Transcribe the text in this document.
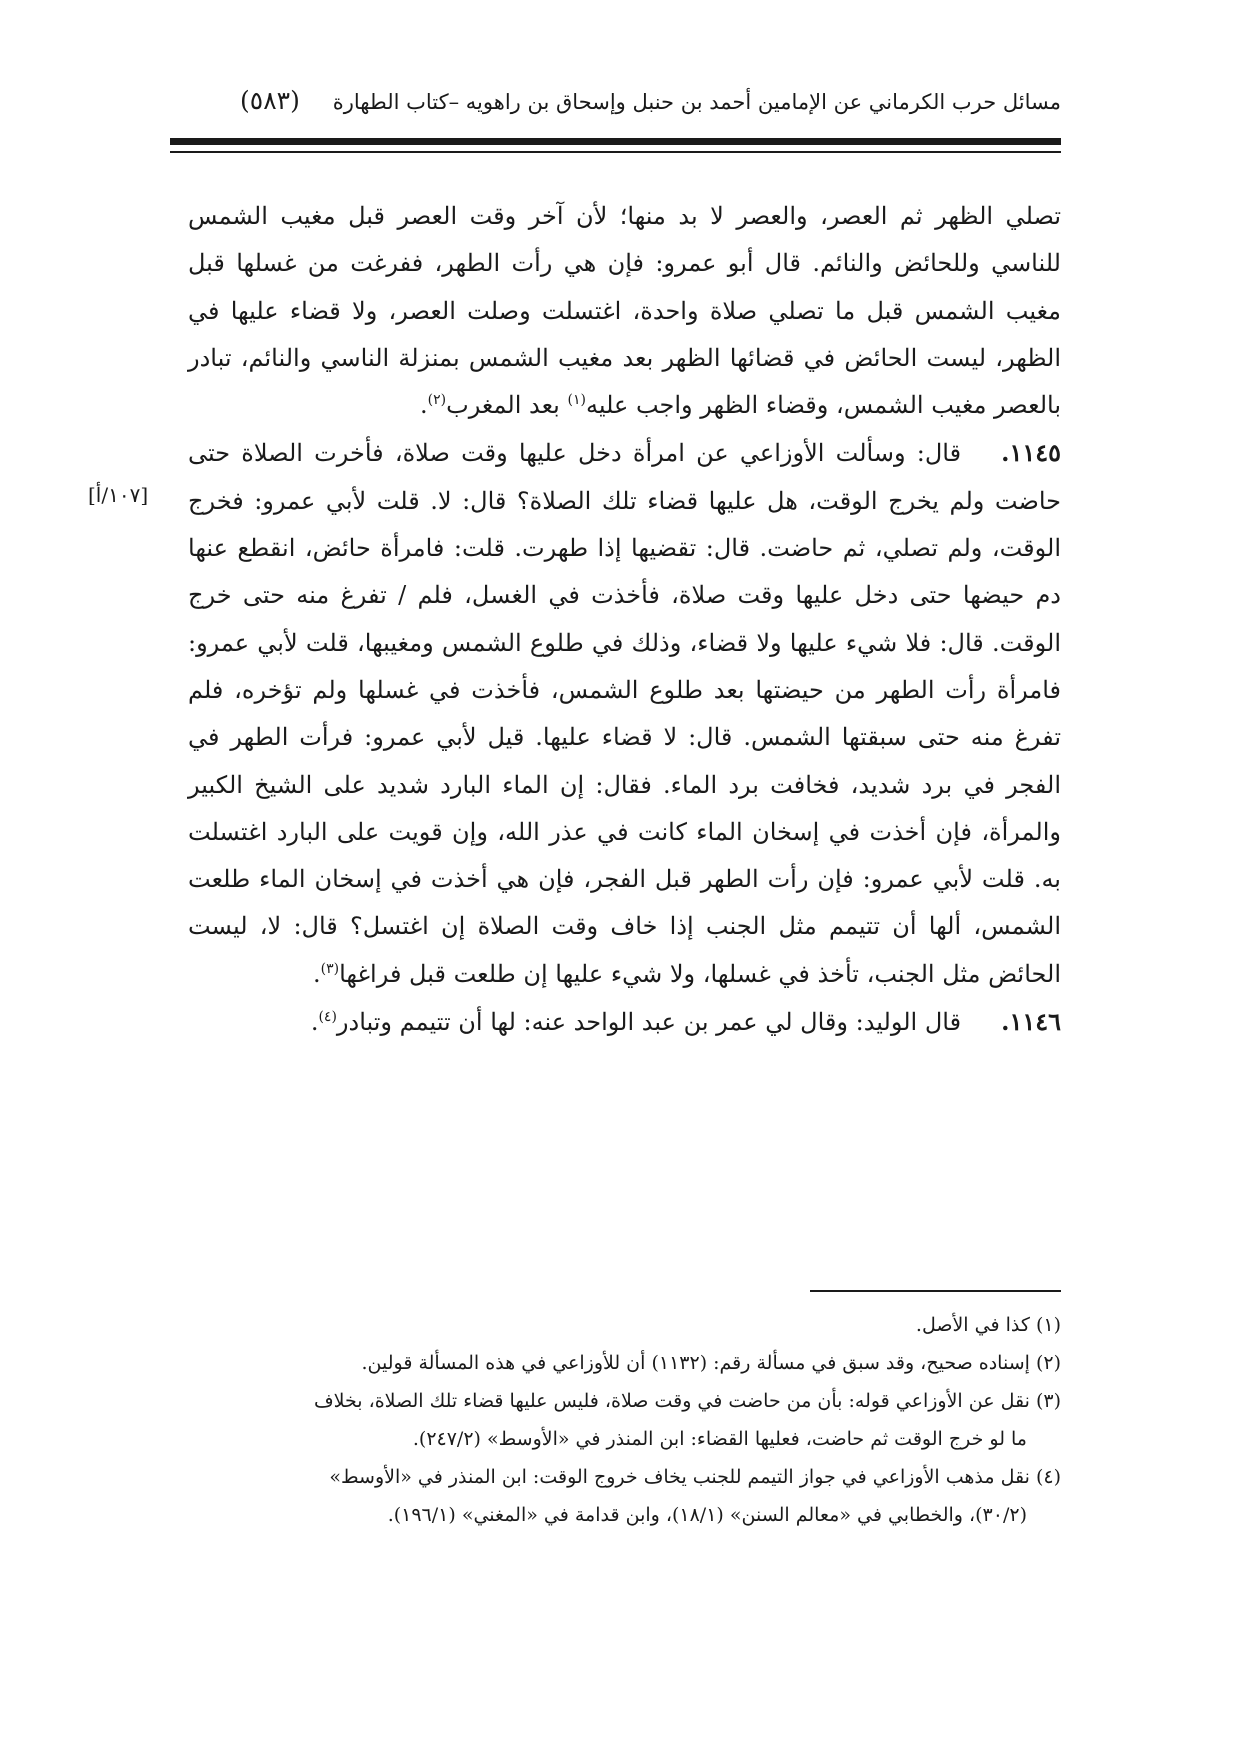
مسائل حرب الكرماني عن الإمامين أحمد بن حنبل وإسحاق بن راهويه –كتاب الطهارة
(٥٨٣)
[١٠٧/أ]

تصلي الظهر ثم العصر، والعصر لا بد منها؛ لأن آخر وقت العصر قبل مغيب الشمس للناسي وللحائض والنائم. قال أبو عمرو: فإن هي رأت الطهر، ففرغت من غسلها قبل مغيب الشمس قبل ما تصلي صلاة واحدة، اغتسلت وصلت العصر، ولا قضاء عليها في الظهر، ليست الحائض في قضائها الظهر بعد مغيب الشمس بمنزلة الناسي والنائم، تبادر بالعصر مغيب الشمس، وقضاء الظهر واجب عليه$^{(١)}$ بعد المغرب$^{(٢)}$.

١١٤٥.قال: وسألت الأوزاعي عن امرأة دخل عليها وقت صلاة، فأخرت الصلاة حتى حاضت ولم يخرج الوقت، هل عليها قضاء تلك الصلاة؟ قال: لا. قلت لأبي عمرو: فخرج الوقت، ولم تصلي، ثم حاضت. قال: تقضيها إذا طهرت. قلت: فامرأة حائض، انقطع عنها دم حيضها حتى دخل عليها وقت صلاة، فأخذت في الغسل، فلم / تفرغ منه حتى خرج الوقت. قال: فلا شيء عليها ولا قضاء، وذلك في طلوع الشمس ومغيبها، قلت لأبي عمرو: فامرأة رأت الطهر من حيضتها بعد طلوع الشمس، فأخذت في غسلها ولم تؤخره، فلم تفرغ منه حتى سبقتها الشمس. قال: لا قضاء عليها. قيل لأبي عمرو: فرأت الطهر في الفجر في برد شديد، فخافت برد الماء. فقال: إن الماء البارد شديد على الشيخ الكبير والمرأة، فإن أخذت في إسخان الماء كانت في عذر الله، وإن قويت على البارد اغتسلت به. قلت لأبي عمرو: فإن رأت الطهر قبل الفجر، فإن هي أخذت في إسخان الماء طلعت الشمس، ألها أن تتيمم مثل الجنب إذا خاف وقت الصلاة إن اغتسل؟ قال: لا، ليست الحائض مثل الجنب، تأخذ في غسلها، ولا شيء عليها إن طلعت قبل فراغها$^{(٣)}$.

١١٤٦.قال الوليد: وقال لي عمر بن عبد الواحد عنه: لها أن تتيمم وتبادر$^{(٤)}$.

(١) كذا في الأصل.

(٢) إسناده صحيح، وقد سبق في مسألة رقم: (١١٣٢) أن للأوزاعي في هذه المسألة قولين.

(٣) نقل عن الأوزاعي قوله: بأن من حاضت في وقت صلاة، فليس عليها قضاء تلك الصلاة، بخلاف
ما لو خرج الوقت ثم حاضت، فعليها القضاء: ابن المنذر في «الأوسط» (٢٤٧/٢).

(٤) نقل مذهب الأوزاعي في جواز التيمم للجنب يخاف خروج الوقت: ابن المنذر في «الأوسط»
(٣٠/٢)، والخطابي في «معالم السنن» (١٨/١)، وابن قدامة في «المغني» (١٩٦/١).
